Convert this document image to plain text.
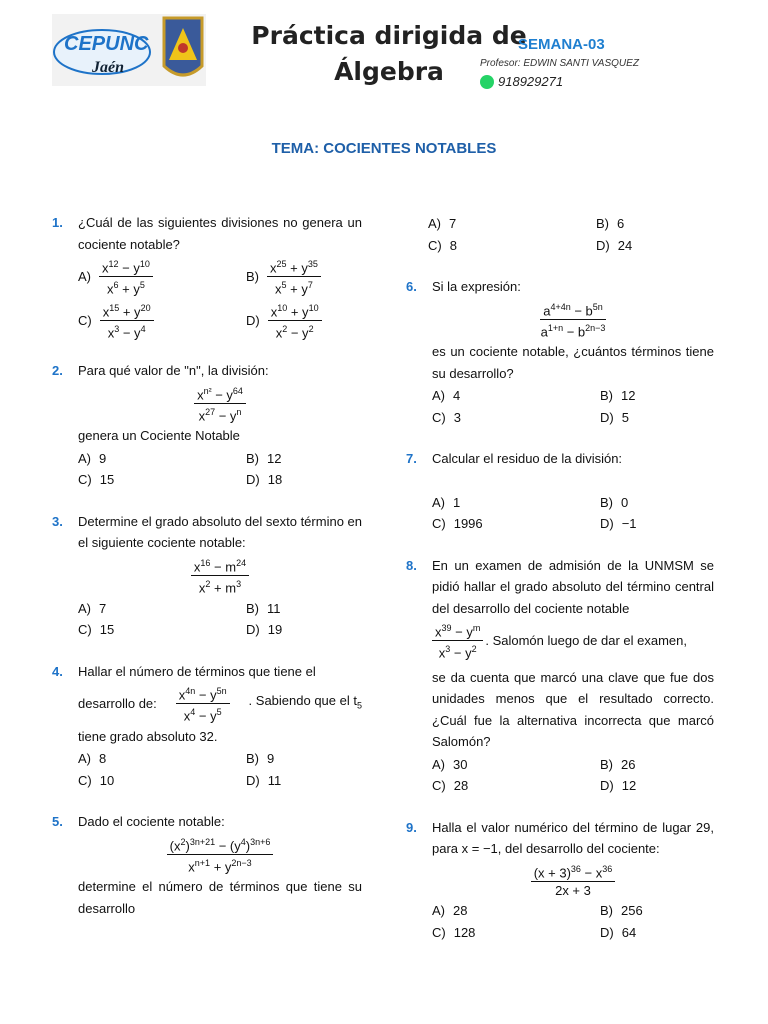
CEPUNC
Jaén
Práctica dirigida de
Álgebra
SEMANA-03
Profesor: EDWIN SANTI VASQUEZ
918929271
TEMA: COCIENTES NOTABLES
1. ¿Cuál de las siguientes divisiones no genera un cociente notable?
$A) \frac{x^{12} - y^{10}}{x^6 + y^5}$	$B) \frac{x^{25} + y^{35}}{x^5 + y^7}$
$C) \frac{x^{15} + y^{20}}{x^3 - y^4}$	$D) \frac{x^{10} + y^{10}}{x^2 - y^2}$
2. Para qué valor de "n", la división:
$\frac{x^{n^2} - y^{64}}{x^{27} - y^n}$
genera un Cociente Notable
A) 9	B) 12
C) 15	D) 18
3. Determine el grado absoluto del sexto término en el siguiente cociente notable:
$\frac{x^{16} - m^{24}}{x^2 + m^3}$
A) 7	B) 11
C) 15	D) 19
4. Hallar el número de términos que tiene el
desarrollo de: $\frac{x^{4n} - y^{5n}}{x^4 - y^5}$ . Sabiendo que el $t_5$
tiene grado absoluto 32.
A) 8	B) 9
C) 10	D) 11
5. Dado el cociente notable:
$\frac{(x^2)^{3n+21} - (y^4)^{3n+6}}{x^{n+1} + y^{2n-3}}$
determine el número de términos que tiene su desarrollo
A) 7	B) 6
C) 8	D) 24
6. Si la expresión:
$\frac{a^{4+4n} - b^{5n}}{a^{1+n} - b^{2n-3}}$
es un cociente notable, ¿cuántos términos tiene su desarrollo?
A) 4	B) 12
C) 3	D) 5
7. Calcular el residuo de la división:
A) 1	B) 0
C) 1996	D) −1
8. En un examen de admisión de la UNMSM se pidió hallar el grado absoluto del término central del desarrollo del cociente notable
$\frac{x^{39} - y^m}{x^3 - y^2}$ . Salomón luego de dar el examen,
se da cuenta que marcó una clave que fue dos unidades menos que el resultado correcto. ¿Cuál fue la alternativa incorrecta que marcó Salomón?
A) 30	B) 26
C) 28	D) 12
9. Halla el valor numérico del término de lugar 29, para x = −1, del desarrollo del cociente:
$\frac{(x + 3)^{36} - x^{36}}{2x + 3}$
A) 28	B) 256
C) 128	D) 64
